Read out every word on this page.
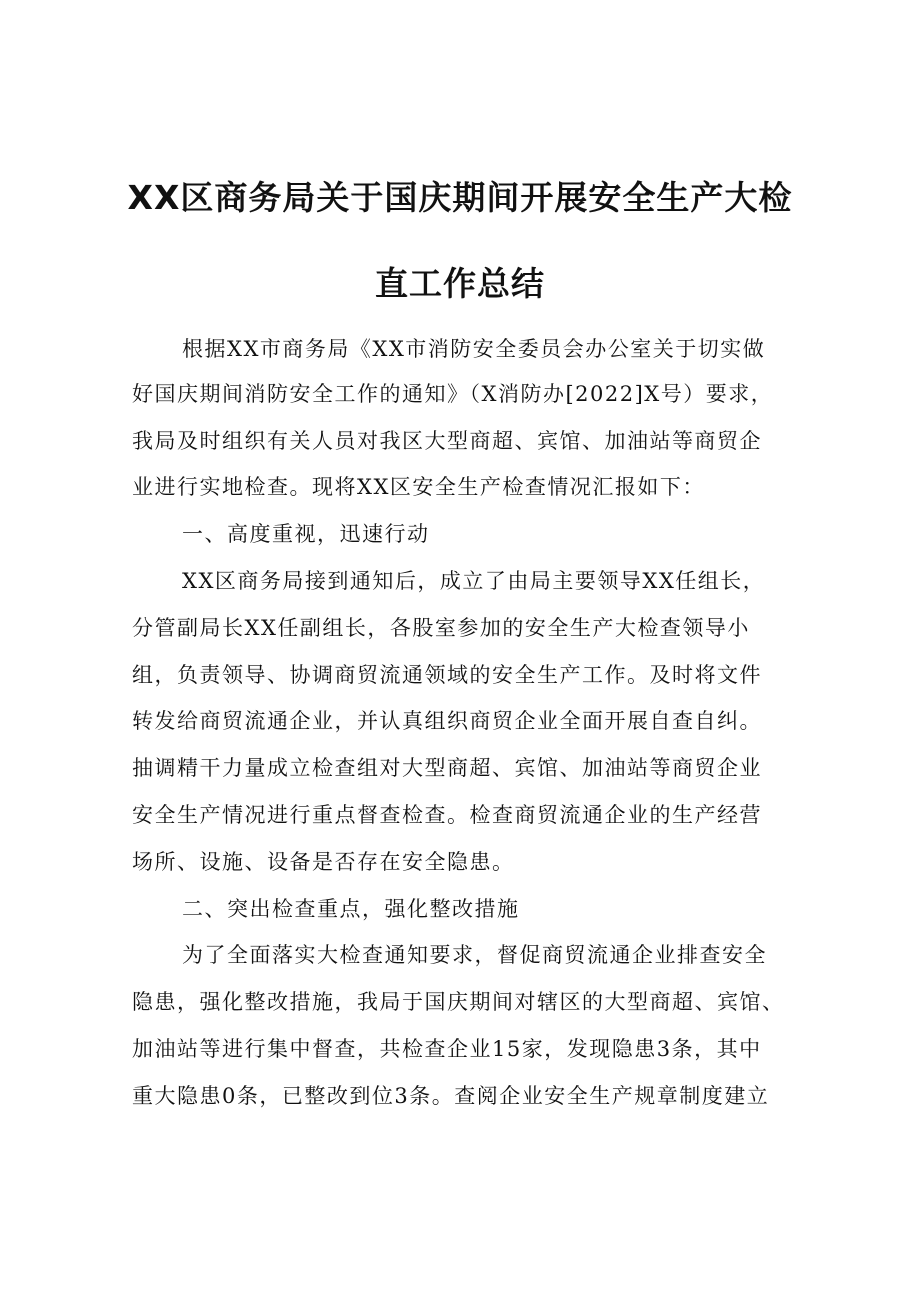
XX区商务局关于国庆期间开展安全生产大检
直工作总结
根据XX市商务局《XX市消防安全委员会办公室关于切实做
好国庆期间消防安全工作的通知》（X消防办[2022]X号）要求，
我局及时组织有关人员对我区大型商超、宾馆、加油站等商贸企
业进行实地检查。现将XX区安全生产检查情况汇报如下：
一、高度重视，迅速行动
XX区商务局接到通知后，成立了由局主要领导XX任组长，
分管副局长XX任副组长，各股室参加的安全生产大检查领导小
组，负责领导、协调商贸流通领域的安全生产工作。及时将文件
转发给商贸流通企业，并认真组织商贸企业全面开展自查自纠。
抽调精干力量成立检查组对大型商超、宾馆、加油站等商贸企业
安全生产情况进行重点督查检查。检查商贸流通企业的生产经营
场所、设施、设备是否存在安全隐患。
二、突出检查重点，强化整改措施
为了全面落实大检查通知要求，督促商贸流通企业排查安全
隐患，强化整改措施，我局于国庆期间对辖区的大型商超、宾馆、
加油站等进行集中督查，共检查企业15家，发现隐患3条，其中
重大隐患0条，已整改到位3条。查阅企业安全生产规章制度建立
